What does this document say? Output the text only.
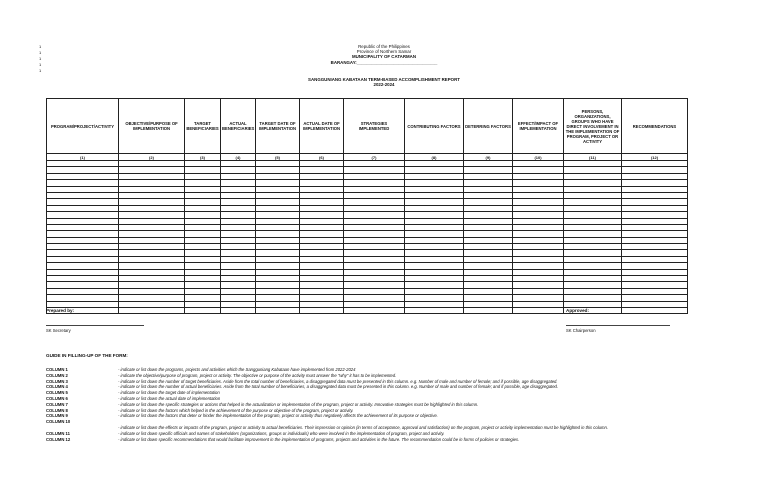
1
1
1
1
1
Republic of the Philippines
Province of Northern Samar
MUNICIPALITY OF CATARMAN
BARANGAY:_________________________________
SANGGUNIANG KABATAAN TERM-BASED ACCOMPLISHMENT REPORT
2022-2024
PROGRAM/PROJECT/ACTIVITY	OBJECTIVE/PURPOSE OF IMPLEMENTATION	TARGET BENEFICIARIES	ACTUAL BENEFICIARIES	TARGET DATE OF IMPLEMENTATION	ACTUAL DATE OF IMPLEMENTATION	STRATEGIES IMPLEMENTED	CONTRIBUTING FACTORS	DETERRING FACTORS	EFFECT/IMPACT OF IMPLEMENTATION	PERSONS, ORGANIZATIONS, GROUPS WHO HAVE DIRECT INVOLVEMENT IN THE IMPLEMENTATION OF PROGRAM, PROJECT OR ACTIVITY	RECOMMENDATIONS
(1)	(2)	(3)	(4)	(5)	(6)	(7)	(8)	(9)	(10)	(11)	(12)

Prepared by:
SK Secretary
Approved:
SK Chairperson
GUIDE IN FILLING-UP OF THE FORM:
COLUMN 1	- indicate or list down the programs, projects and activities which the Sangguniang Kabataan have implemented from 2022-2024
COLUMN 2	- indicate the objective/purpose of program, project or activity. The objective or purpose of the activity must answer the "why" it has to be implemented.
COLUMN 3	- indicate or list down the number of target beneficiaries. Aside from the total number of beneficiaries, a disaggregated data must be presented in this column. e.g. Number of male and number of female; and if possible, age disaggregated.
COLUMN 4	- indicate or list down the number of actual beneficiaries. Aside from the total number of beneficiaries, a disaggregated data must be presented in this column. e.g. Number of male and number of female; and if possible, age disaggregated.
COLUMN 5	- indicate or list down the target date of implementation
COLUMN 6	- indicate or list down the actual date of implementation
COLUMN 7	- indicate or list down the specific strategies or actions that helped in the actualization or implementation of the program, project or activity. Innovative strategies must be highlighted in this column.
COLUMN 8	- indicate or list down the factors which helped in the achievement of the purpose or objective of the program, project or activity.
COLUMN 9	- indicate or list down the factors that deter or hinder the implementation of the program, project or activity thus negatively affects the achievement of its purpose or objective.
COLUMN 10
- indicate or list down the effects or impacts of the program, project or activity to actual beneficiaries. Their impression or opinion (in terms of acceptance, approval and satisfaction) on the program, project or activity implementation must be highlighted in this column.
COLUMN 11	- indicate or list down specific officials and names of stakeholders (organizations, groups or individuals) who were involved in the implementation of program, project and activity.
COLUMN 12	- indicate or list down specific recommendations that would facilitate improvement in the implementation of programs, projects and activities in the future. The recommendation could be in forms of policies or strategies.
